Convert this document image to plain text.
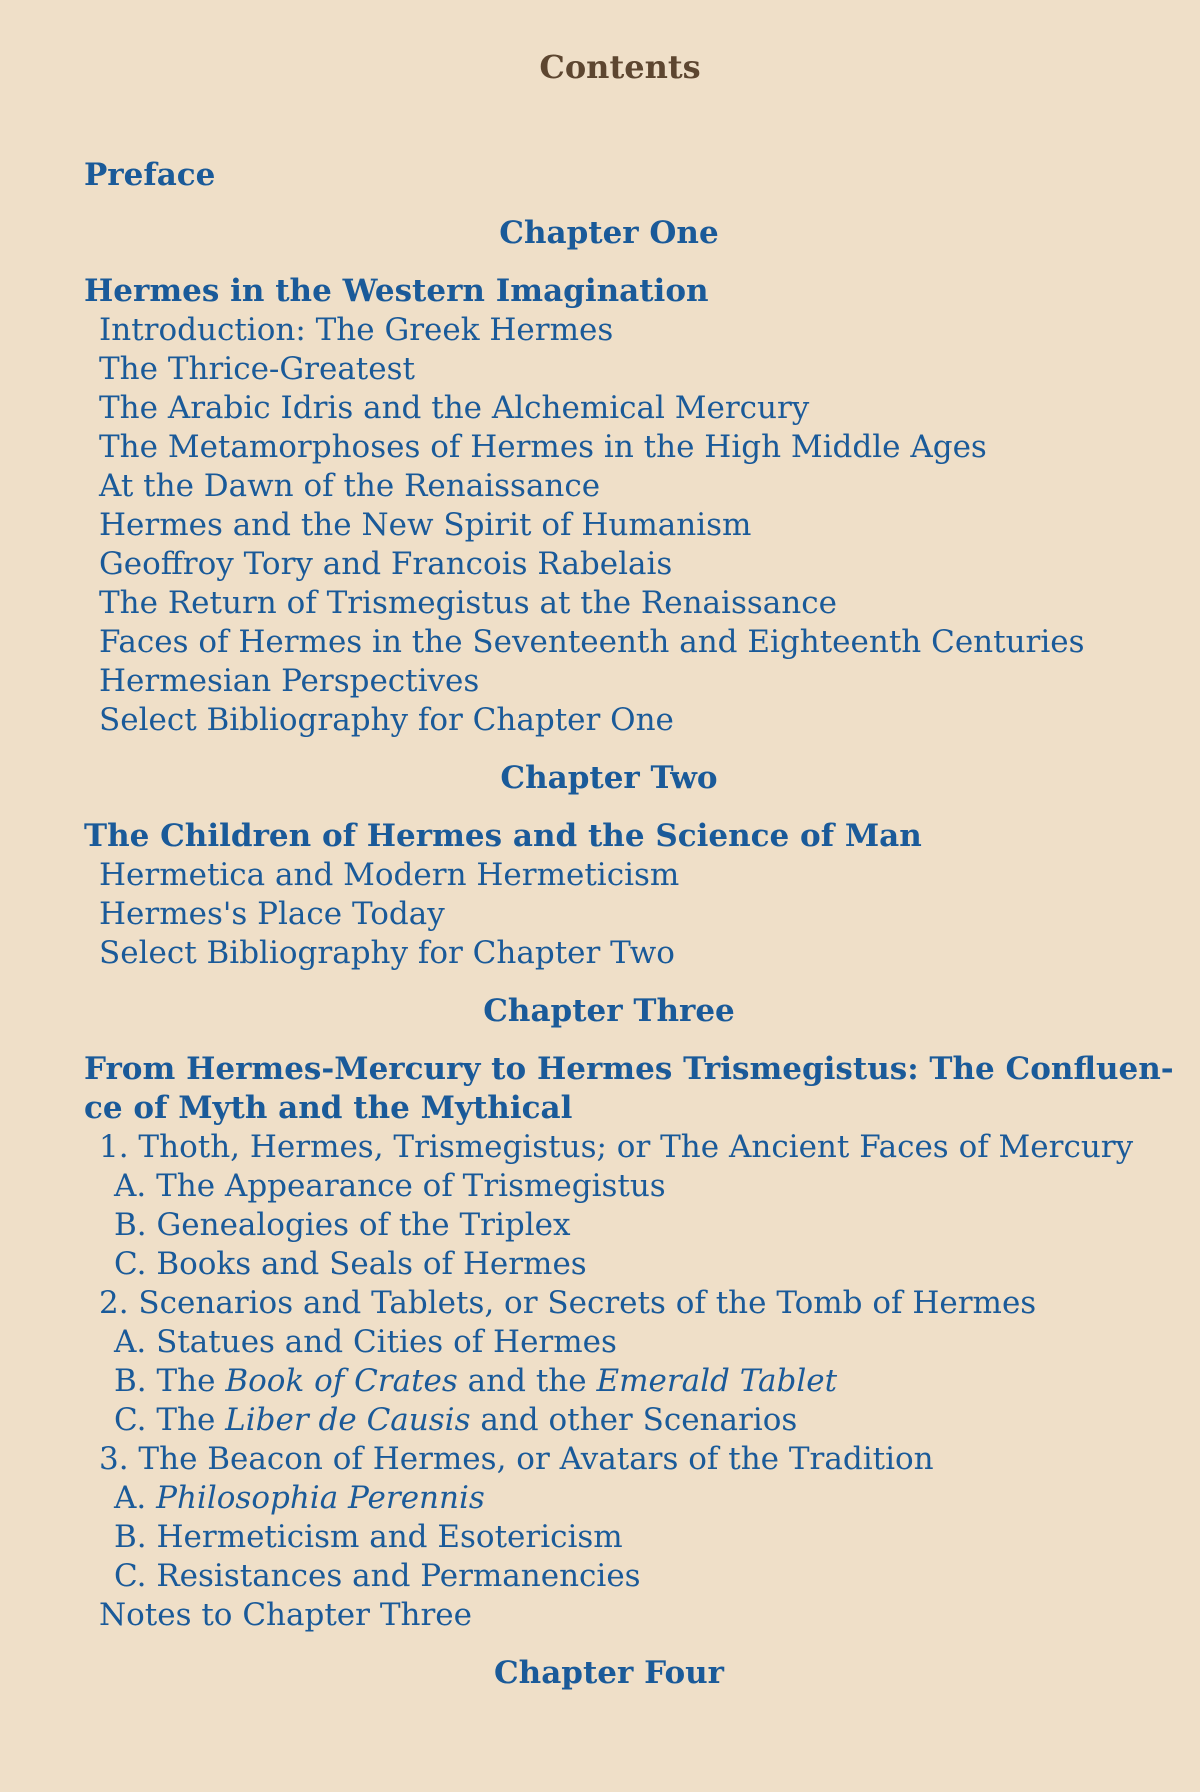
Contents
Preface
Chapter One
Hermes in the Western Imagination
Introduction: The Greek Hermes
The Thrice-Greatest
The Arabic Idris and the Alchemical Mercury
The Metamorphoses of Hermes in the High Middle Ages
At the Dawn of the Renaissance
Hermes and the New Spirit of Humanism
Geoffroy Tory and Francois Rabelais
The Return of Trismegistus at the Renaissance
Faces of Hermes in the Seventeenth and Eighteenth Centuries
Hermesian Perspectives
Select Bibliography for Chapter One
Chapter Two
The Children of Hermes and the Science of Man
Hermetica and Modern Hermeticism
Hermes's Place Today
Select Bibliography for Chapter Two
Chapter Three
From Hermes-Mercury to Hermes Trismegistus: The Confluen-
ce of Myth and the Mythical
1. Thoth, Hermes, Trismegistus; or The Ancient Faces of Mercury
A. The Appearance of Trismegistus
B. Genealogies of the Triplex
C. Books and Seals of Hermes
2. Scenarios and Tablets, or Secrets of the Tomb of Hermes
A. Statues and Cities of Hermes
B. The Book of Crates and the Emerald Tablet
C. The Liber de Causis and other Scenarios
3. The Beacon of Hermes, or Avatars of the Tradition
A. Philosophia Perennis
B. Hermeticism and Esotericism
C. Resistances and Permanencies
Notes to Chapter Three
Chapter Four
